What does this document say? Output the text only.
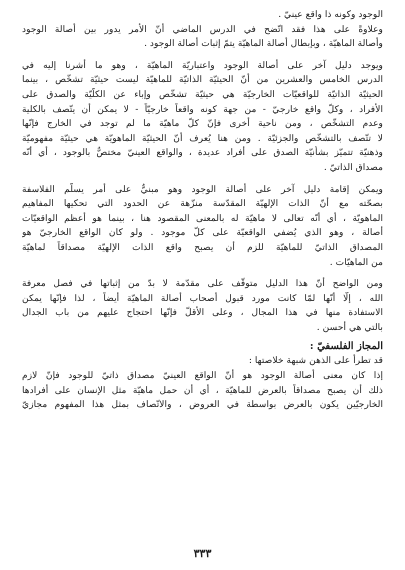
الوجود وكونه ذا واقع عينيّ .

وعلاوةً على هذا فقد اتّضح في الدرس الماضي أنّ الأمر يدور بين أصالة الوجود

وأصالة الماهيّة ، وبإبطال أصالة الماهيّة يتمّ إثبات أصالة الوجود .

ويوجد دليل آخر على أصالة الوجود واعتباريّة الماهيّة ، وهو ما أشرنا إليه في

الدرس الخامس والعشرين من أنّ الحيثيّة الذاتيّة للماهيّة ليست حيثيّة تشخّص ، بينما

الحيثيّة الذاتيّة للواقعيّات الخارجيّة هي حيثيّة تشخّص وإباء عن الكلّيّة والصدق على

الأفراد ، وكلّ واقع خارجيّ - من جهة كونه واقعاً خارجيّاً - لا يمكن أن يتّصف بالكلية

وعدم التشخّص ، ومن ناحية أخرى فإنّ كلّ ماهيّة ما لم توجد في الخارج فإنّها

لا تتّصف بالتشخّص والجزئيّة . ومن هنا يُعرف أنّ الحيثيّة الماهويّة هي حيثيّة مفهوميّة

وذهنيّة تتميّز بشأنيّة الصدق على أفراد عديدة ، والواقع العينيّ مختصٌّ بالوجود ، أي أنّه

مصداق الذاتيّ .

ويمكن إقامة دليل آخر على أصالة الوجود وهو مبنيٌّ على أمر يسلّم الفلاسفة

بصحّته مع أنّ الذات الإلهيّة المقدّسة منزّهة عن الحدود التي تحكيها المفاهيم

الماهويّة ، أي أنّه تعالى لا ماهيّة له بالمعنى المقصود هنا ، بينما هو أعظم الواقعيّات

أصالة ، وهو الذي يُضفي الواقعيّة على كلّ موجود . ولو كان الواقع الخارجيّ هو

المصداق الذاتيّ للماهيّة للزم أن يصبح واقع الذات الإلهيّة مصداقاً لماهيّة

من الماهيّات .

ومن الواضح أنّ هذا الدليل متوقّف على مقدّمة لا بدّ من إثباتها في فصل معرفة

الله ، إلّا أنّها لمّا كانت مورد قبول أصحاب أصالة الماهيّة أيضاً ، لذا فإنّها يمكن

الاستفادة منها في هذا المجال ، وعلى الأقلّ فإنّها احتجاج عليهم من باب الجدال

بالتي هي أحسن .

المجاز الفلسفيّ :

قد تطرأ على الذهن شبهة خلاصتها :

إذا كان معنى أصالة الوجود هو أنّ الواقع العينيّ مصداق ذاتيّ للوجود فإنّ لازم

ذلك أن يصبح مصداقاً بالعرض للماهيّة ، أي أن حمل ماهيّة مثل الإنسان على أفرادها

الخارجيّين يكون بالعرض بواسطة في العروض ، والاتّصاف بمثل هذا المفهوم مجازيّ

٣٣٣
